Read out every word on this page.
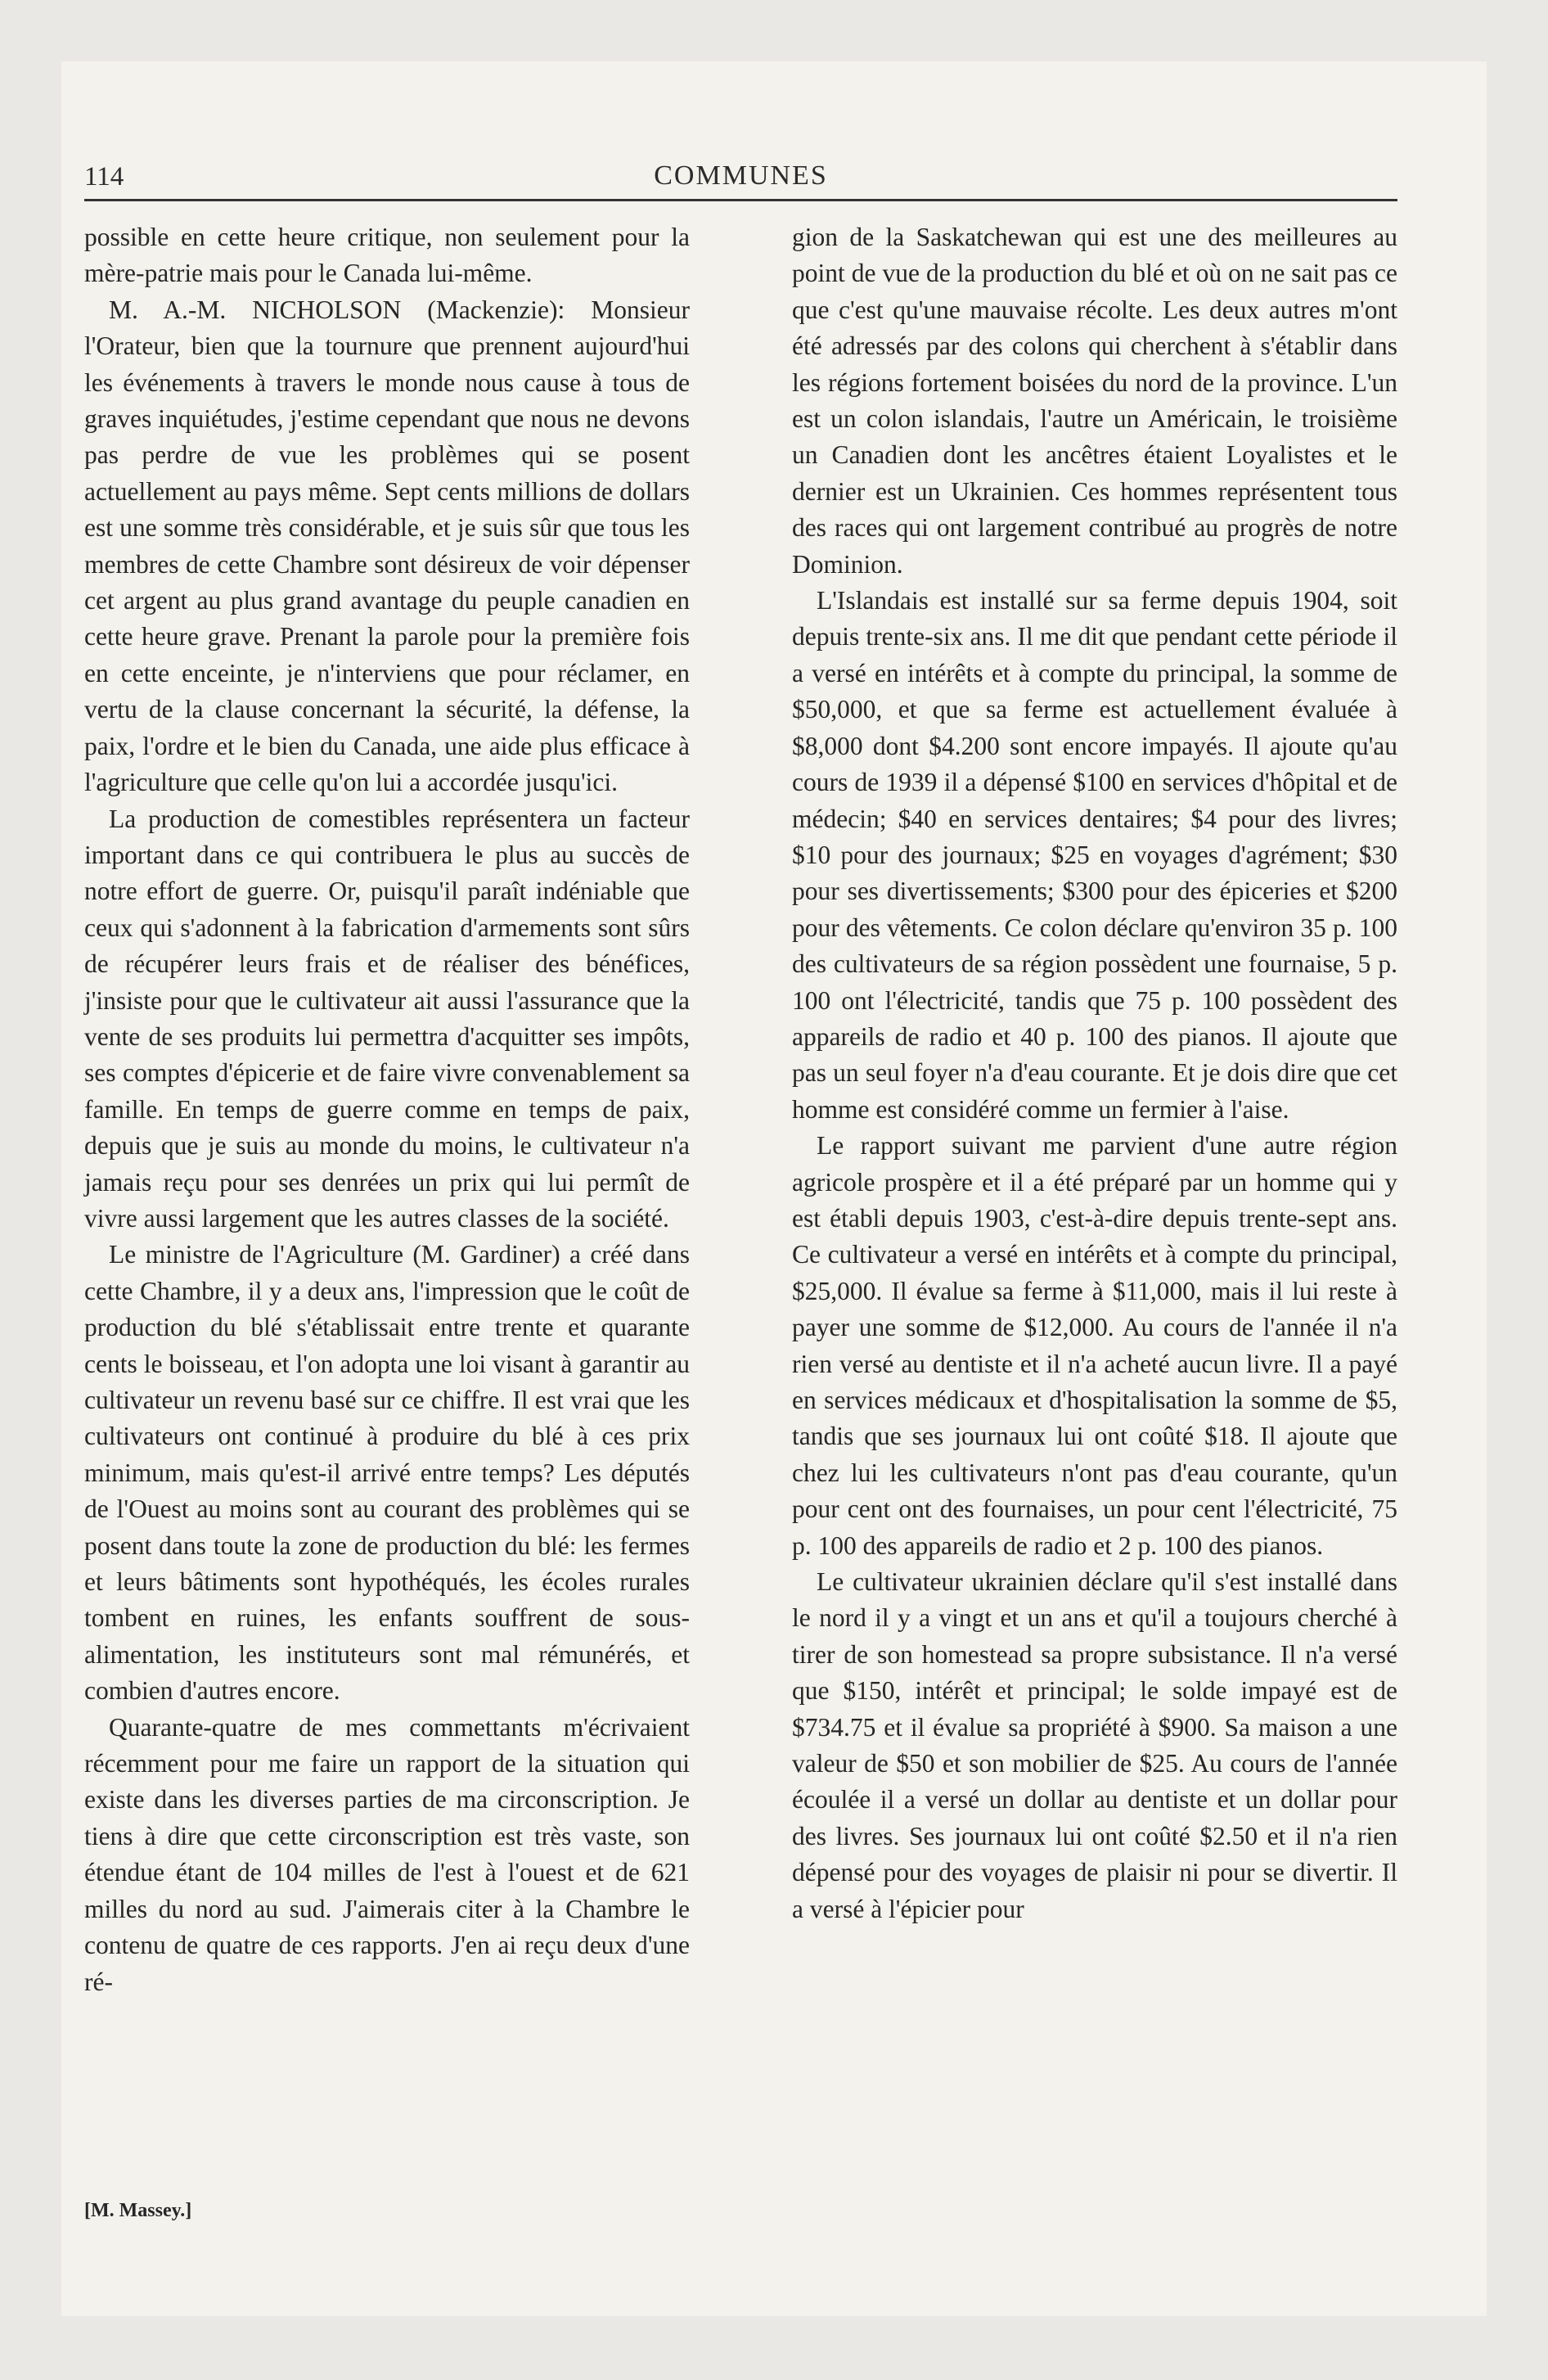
114	COMMUNES

possible en cette heure critique, non seulement pour la mère-patrie mais pour le Canada lui-même.

M. A.-M. NICHOLSON (Mackenzie): Monsieur l'Orateur, bien que la tournure que prennent aujourd'hui les événements à travers le monde nous cause à tous de graves inquiétudes, j'estime cependant que nous ne devons pas perdre de vue les problèmes qui se posent actuellement au pays même. Sept cents millions de dollars est une somme très considérable, et je suis sûr que tous les membres de cette Chambre sont désireux de voir dépenser cet argent au plus grand avantage du peuple canadien en cette heure grave. Prenant la parole pour la première fois en cette enceinte, je n'interviens que pour réclamer, en vertu de la clause concernant la sécurité, la défense, la paix, l'ordre et le bien du Canada, une aide plus efficace à l'agriculture que celle qu'on lui a accordée jusqu'ici.

La production de comestibles représentera un facteur important dans ce qui contribuera le plus au succès de notre effort de guerre. Or, puisqu'il paraît indéniable que ceux qui s'adonnent à la fabrication d'armements sont sûrs de récupérer leurs frais et de réaliser des bénéfices, j'insiste pour que le cultivateur ait aussi l'assurance que la vente de ses produits lui permettra d'acquitter ses impôts, ses comptes d'épicerie et de faire vivre convenablement sa famille. En temps de guerre comme en temps de paix, depuis que je suis au monde du moins, le cultivateur n'a jamais reçu pour ses denrées un prix qui lui permît de vivre aussi largement que les autres classes de la société.

Le ministre de l'Agriculture (M. Gardiner) a créé dans cette Chambre, il y a deux ans, l'impression que le coût de production du blé s'établissait entre trente et quarante cents le boisseau, et l'on adopta une loi visant à garantir au cultivateur un revenu basé sur ce chiffre. Il est vrai que les cultivateurs ont continué à produire du blé à ces prix minimum, mais qu'est-il arrivé entre temps? Les députés de l'Ouest au moins sont au courant des problèmes qui se posent dans toute la zone de production du blé: les fermes et leurs bâtiments sont hypothéqués, les écoles rurales tombent en ruines, les enfants souffrent de sous-alimentation, les instituteurs sont mal rémunérés, et combien d'autres encore.

Quarante-quatre de mes commettants m'écrivaient récemment pour me faire un rapport de la situation qui existe dans les diverses parties de ma circonscription. Je tiens à dire que cette circonscription est très vaste, son étendue étant de 104 milles de l'est à l'ouest et de 621 milles du nord au sud. J'aimerais citer à la Chambre le contenu de quatre de ces rapports. J'en ai reçu deux d'une ré-

gion de la Saskatchewan qui est une des meilleures au point de vue de la production du blé et où on ne sait pas ce que c'est qu'une mauvaise récolte. Les deux autres m'ont été adressés par des colons qui cherchent à s'établir dans les régions fortement boisées du nord de la province. L'un est un colon islandais, l'autre un Américain, le troisième un Canadien dont les ancêtres étaient Loyalistes et le dernier est un Ukrainien. Ces hommes représentent tous des races qui ont largement contribué au progrès de notre Dominion.

L'Islandais est installé sur sa ferme depuis 1904, soit depuis trente-six ans. Il me dit que pendant cette période il a versé en intérêts et à compte du principal, la somme de $50,000, et que sa ferme est actuellement évaluée à $8,000 dont $4.200 sont encore impayés. Il ajoute qu'au cours de 1939 il a dépensé $100 en services d'hôpital et de médecin; $40 en services dentaires; $4 pour des livres; $10 pour des journaux; $25 en voyages d'agrément; $30 pour ses divertissements; $300 pour des épiceries et $200 pour des vêtements. Ce colon déclare qu'environ 35 p. 100 des cultivateurs de sa région possèdent une fournaise, 5 p. 100 ont l'électricité, tandis que 75 p. 100 possèdent des appareils de radio et 40 p. 100 des pianos. Il ajoute que pas un seul foyer n'a d'eau courante. Et je dois dire que cet homme est considéré comme un fermier à l'aise.

Le rapport suivant me parvient d'une autre région agricole prospère et il a été préparé par un homme qui y est établi depuis 1903, c'est-à-dire depuis trente-sept ans. Ce cultivateur a versé en intérêts et à compte du principal, $25,000. Il évalue sa ferme à $11,000, mais il lui reste à payer une somme de $12,000. Au cours de l'année il n'a rien versé au dentiste et il n'a acheté aucun livre. Il a payé en services médicaux et d'hospitalisation la somme de $5, tandis que ses journaux lui ont coûté $18. Il ajoute que chez lui les cultivateurs n'ont pas d'eau courante, qu'un pour cent ont des fournaises, un pour cent l'électricité, 75 p. 100 des appareils de radio et 2 p. 100 des pianos.

Le cultivateur ukrainien déclare qu'il s'est installé dans le nord il y a vingt et un ans et qu'il a toujours cherché à tirer de son homestead sa propre subsistance. Il n'a versé que $150, intérêt et principal; le solde impayé est de $734.75 et il évalue sa propriété à $900. Sa maison a une valeur de $50 et son mobilier de $25. Au cours de l'année écoulée il a versé un dollar au dentiste et un dollar pour des livres. Ses journaux lui ont coûté $2.50 et il n'a rien dépensé pour des voyages de plaisir ni pour se divertir. Il a versé à l'épicier pour

[M. Massey.]
